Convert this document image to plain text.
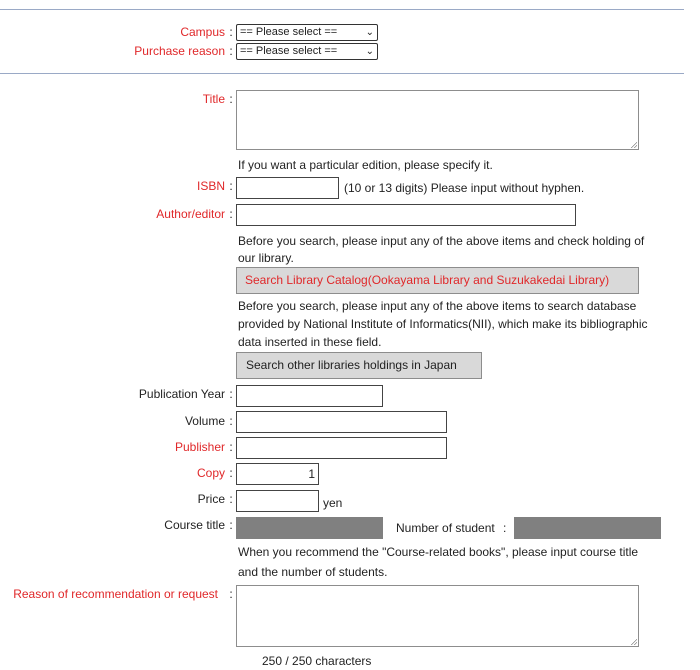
Campus : == Please select ==	⌄
Purchase reason : == Please select ==	⌄
Title :
If you want a particular edition, please specify it.
ISBN :	(10 or 13 digits) Please input without hyphen.
Author/editor :
Before you search, please input any of the above items and check holding of
our library.
Search Library Catalog(Ookayama Library and Suzukakedai Library)
Before you search, please input any of the above items to search database
provided by National Institute of Informatics(NII), which make its bibliographic
data inserted in these field.
Search other libraries holdings in Japan
Publication Year :
Volume :
Publisher :
Copy :	1
Price :	yen
Course title :	Number of student :
When you recommend the "Course-related books", please input course title
and the number of students.
Reason of recommendation or request :
250 / 250 characters
